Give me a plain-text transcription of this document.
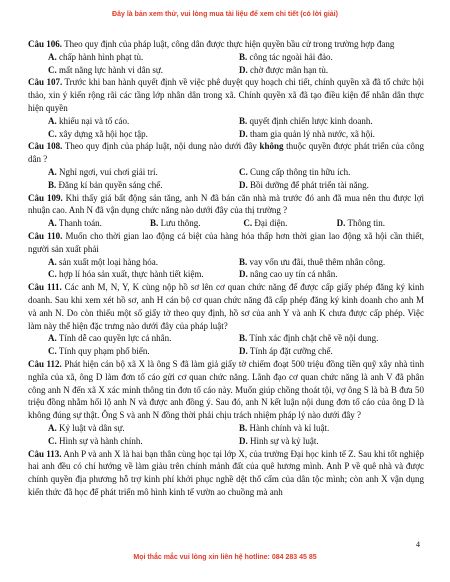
Đây là bản xem thử, vui lòng mua tài liệu để xem chi tiết (có lời giải)

Câu 106. Theo quy định của pháp luật, công dân được thực hiện quyền bầu cử trong trường hợp đang

A. chấp hành hình phạt tù.	B. công tác ngoài hải đảo.
C. mất năng lực hành vi dân sự.	D. chờ được mãn hạn tù.

Câu 107. Trước khi ban hành quyết định về việc phê duyệt quy hoạch chi tiết, chính quyền xã đã tổ chức hội thảo, xin ý kiến rộng rãi các tầng lớp nhân dân trong xã. Chính quyền xã đã tạo điều kiện để nhân dân thực hiện quyền

A. khiếu nại và tố cáo.	B. quyết định chiến lược kinh doanh.
C. xây dựng xã hội học tập.	D. tham gia quản lý nhà nước, xã hội.

Câu 108. Theo quy định của pháp luật, nội dung nào dưới đây không thuộc quyền được phát triển của công dân ?

A. Nghỉ ngơi, vui chơi giải trí.	C. Cung cấp thông tin hữu ích.
B. Đăng kí bản quyền sáng chế.	D. Bồi dưỡng để phát triển tài năng.

Câu 109. Khi thấy giá bất động sản tăng, anh N đã bán căn nhà mà trước đó anh đã mua nên thu được lợi nhuận cao. Anh N đã vận dụng chức năng nào dưới đây của thị trường ?

A. Thanh toán.	B. Lưu thông.	C. Đại diện.	D. Thông tin.

Câu 110. Muốn cho thời gian lao động cá biệt của hàng hóa thấp hơn thời gian lao động xã hội cần thiết, người sản xuất phải

A. sản xuất một loại hàng hóa.	B. vay vốn ưu đãi, thuê thêm nhân công.
C. hợp lí hóa sản xuất, thực hành tiết kiệm.	D. nâng cao uy tín cá nhân.

Câu 111. Các anh M, N, Y, K cùng nộp hồ sơ lên cơ quan chức năng để được cấp giấy phép đăng ký kinh doanh. Sau khi xem xét hồ sơ, anh H cán bộ cơ quan chức năng đã cấp phép đăng ký kinh doanh cho anh M và anh N. Do còn thiếu một số giấy tờ theo quy định, hồ sơ của anh Y và anh K chưa được cấp phép. Việc làm này thể hiện đặc trưng nào dưới đây của pháp luật?

A. Tính dễ cao quyền lực cá nhân.	B. Tính xác định chặt chẽ về nội dung.
C. Tính quy phạm phổ biến.	D. Tính áp đặt cưỡng chế.

Câu 112. Phát hiện cán bộ xã X là ông S đã làm giả giấy tờ chiếm đoạt 500 triệu đồng tiền quỹ xây nhà tình nghĩa của xã, ông D làm đơn tố cáo gửi cơ quan chức năng. Lãnh đạo cơ quan chức năng là anh V đã phân công anh N đến xã X xác minh thông tin đơn tố cáo này. Muốn giúp chồng thoát tội, vợ ông S là bà B đưa 50 triệu đồng nhằm hối lộ anh N và được anh đồng ý. Sau đó, anh N kết luận nội dung đơn tố cáo của ông D là không đúng sự thật. Ông S và anh N đồng thời phải chịu trách nhiệm pháp lý nào dưới đây ?

A. Kỷ luật và dân sự.	B. Hành chính và kỉ luật.
C. Hình sự và hành chính.	D. Hình sự và kỷ luật.

Câu 113. Anh P và anh X là hai bạn thân cùng học tại lớp X, của trường Đại học kinh tế Z. Sau khi tốt nghiệp hai anh đều có chí hướng về làm giàu trên chính mảnh đất của quê hương mình. Anh P về quê nhà và được chính quyền địa phương hỗ trợ kinh phí khởi phục nghề dệt thổ cẩm của dân tộc mình; còn anh X vận dụng kiến thức đã học để phát triển mô hình kinh tế vườn ao chuồng mà anh

4
Mọi thắc mắc vui lòng xin liên hệ hotline: 084 283 45 85
